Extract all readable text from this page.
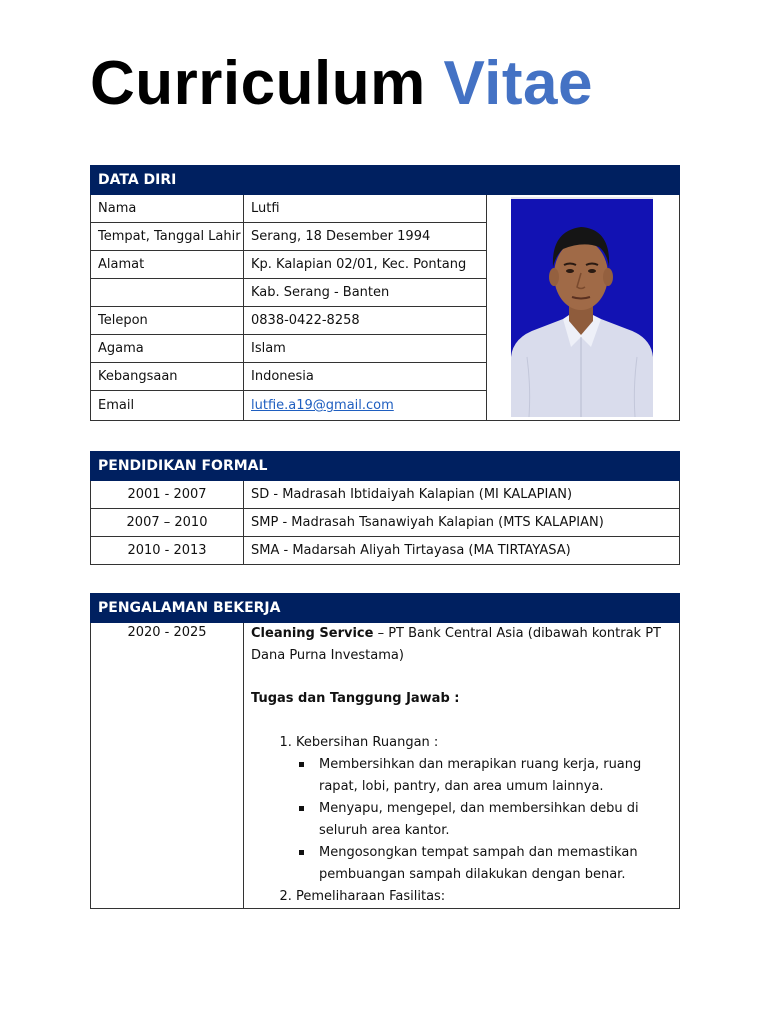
Curriculum Vitae
DATA DIRI		
Nama	Lutfi	

Tempat, Tanggal Lahir	Serang, 18 Desember 1994	
Alamat	Kp. Kalapian 02/01, Kec. Pontang	
	Kab. Serang - Banten	
Telepon	0838-0422-8258	
Agama	Islam	
Kebangsaan	Indonesia	
Email	lutfie.a19@gmail.com	
PENDIDIKAN FORMAL	
2001 - 2007	SD - Madrasah Ibtidaiyah Kalapian (MI KALAPIAN)
2007 – 2010	SMP - Madrasah Tsanawiyah Kalapian (MTS KALAPIAN)
2010 - 2013	SMA - Madarsah Aliyah Tirtayasa (MA TIRTAYASA)
PENGALAMAN BEKERJA
2020 - 2025	Cleaning Service – PT Bank Central Asia (dibawah kontrak PT Dana Purna Investama)
Tugas dan Tanggung Jawab :
1. Kebersihan Ruangan :
Membersihkan dan merapikan ruang kerja, ruang rapat, lobi, pantry, dan area umum lainnya.
Menyapu, mengepel, dan membersihkan debu di seluruh area kantor.
Mengosongkan tempat sampah dan memastikan pembuangan sampah dilakukan dengan benar.
2. Pemeliharaan Fasilitas:
